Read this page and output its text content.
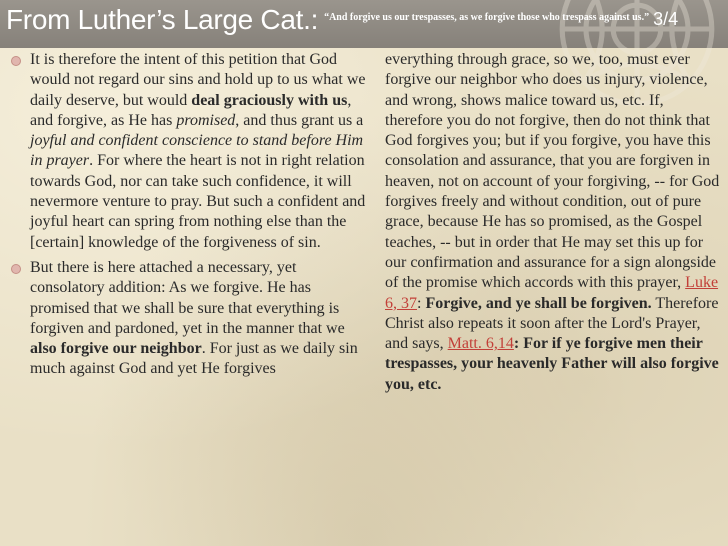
From Luther’s Large Cat.: $^{“And forgive us our trespasses, as we forgive those who trespass against us.”}$ 3/4

It is therefore the intent of this petition that God would not regard our sins and hold up to us what we daily deserve, but would deal graciously with us, and forgive, as He has promised, and thus grant us a joyful and confident conscience to stand before Him in prayer. For where the heart is not in right relation towards God, nor can take such confidence, it will nevermore venture to pray. But such a confident and joyful heart can spring from nothing else than the [certain] knowledge of the forgiveness of sin.

But there is here attached a necessary, yet consolatory addition: As we forgive. He has promised that we shall be sure that everything is forgiven and pardoned, yet in the manner that we also forgive our neighbor. For just as we daily sin much against God and yet He forgives

everything through grace, so we, too, must ever forgive our neighbor who does us injury, violence, and wrong, shows malice toward us, etc. If, therefore you do not forgive, then do not think that God forgives you; but if you forgive, you have this consolation and assurance, that you are forgiven in heaven, not on account of your forgiving, -- for God forgives freely and without condition, out of pure grace, because He has so promised, as the Gospel teaches, -- but in order that He may set this up for our confirmation and assurance for a sign alongside of the promise which accords with this prayer, Luke 6, 37: Forgive, and ye shall be forgiven. Therefore Christ also repeats it soon after the Lord's Prayer, and says, Matt. 6,14: For if ye forgive men their trespasses, your heavenly Father will also forgive you, etc.
